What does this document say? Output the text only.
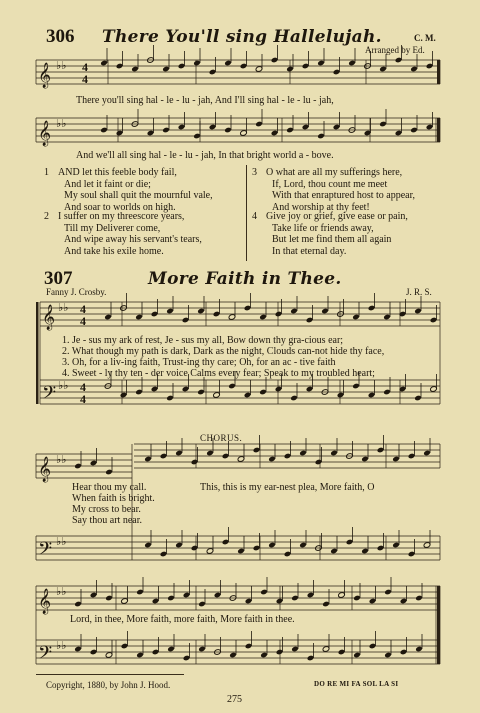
306 There You'll sing Hallelujah.	C. M.
Arranged by Ed.
𝄞
𝄞
𝄞
𝄢
𝄞
𝄢
𝄞
𝄢
♭♭
♭♭
♭♭
♭♭
♭♭
♭♭
♭♭
♭♭
4
4
4
4
4
4
There you'll sing hal - le - lu - jah, And I'll sing hal - le - lu - jah,
And we'll all sing hal - le - lu - jah, In that bright world a - bove.
1 AND let this feeble body fail,
And let it faint or die;
My soul shall quit the mournful vale,
And soar to worlds on high.
2 I suffer on my threescore years,
Till my Deliverer come,
And wipe away his servant's tears,
And take his exile home.
3 O what are all my sufferings here,
If, Lord, thou count me meet
With that enraptured host to appear,
And worship at thy feet!
4 Give joy or grief, give ease or pain,
Take life or friends away,
But let me find them all again
In that eternal day.
307	More Faith in Thee.
Fanny J. Crosby.	J. R. S.
1. Je - sus my ark of rest, Je - sus my all, Bow down thy gra-cious ear;
2. What though my path is dark, Dark as the night, Clouds can-not hide thy face,
3. Oh, for a liv-ing faith, Trust-ing thy care; Oh, for an ac - tive faith
4. Sweet - ly thy ten - der voice Calms every fear; Speak to my troubled heart;
CHORUS.
Hear thou my call.
When faith is bright.
My cross to bear.
Say thou art near.
This, this is my ear-nest plea, More faith, O
Lord, in thee, More faith, more faith, More faith in thee.
Copyright, 1880, by John J. Hood.	DO RE MI FA SOL LA SI
275
